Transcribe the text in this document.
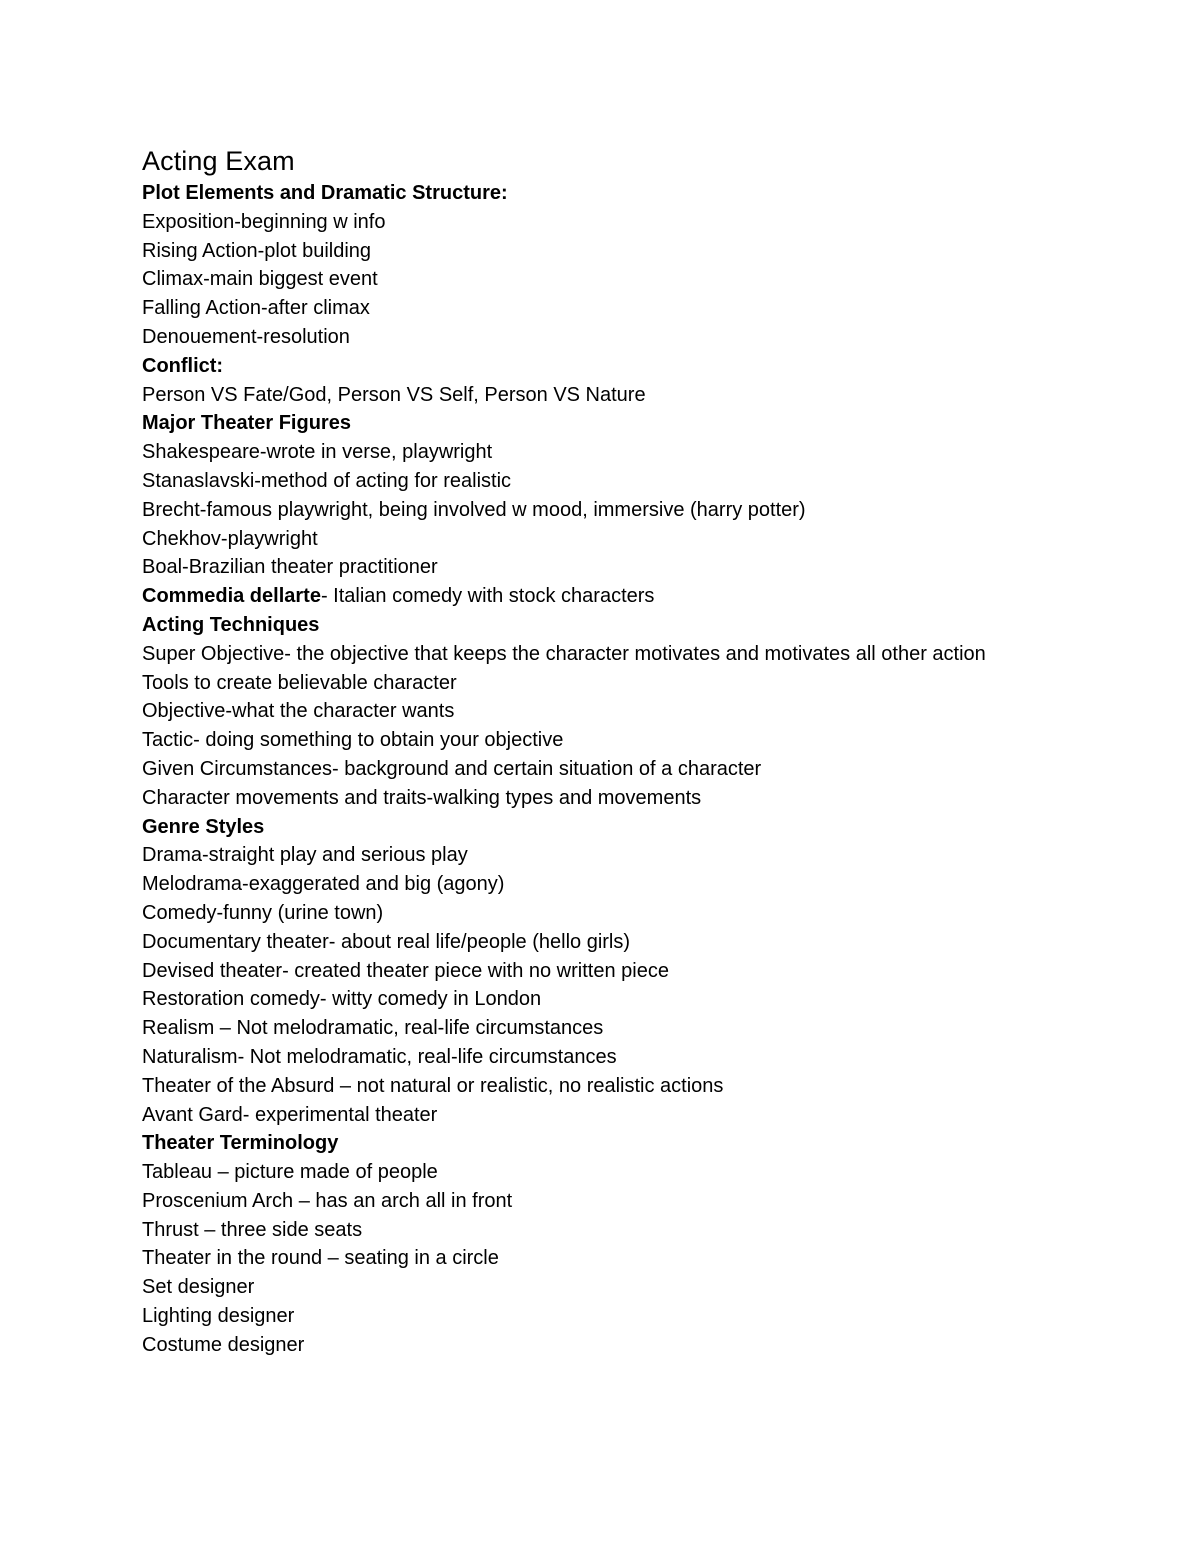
Acting Exam

Plot Elements and Dramatic Structure:

Exposition-beginning w info

Rising Action-plot building

Climax-main biggest event

Falling Action-after climax

Denouement-resolution

Conflict:

Person VS Fate/God, Person VS Self, Person VS Nature

Major Theater Figures

Shakespeare-wrote in verse, playwright

Stanaslavski-method of acting for realistic

Brecht-famous playwright, being involved w mood, immersive (harry potter)

Chekhov-playwright

Boal-Brazilian theater practitioner

Commedia dellarte- Italian comedy with stock characters

Acting Techniques

Super Objective- the objective that keeps the character motivates and motivates all other action

Tools to create believable character

Objective-what the character wants

Tactic- doing something to obtain your objective

Given Circumstances- background and certain situation of a character

Character movements and traits-walking types and movements

Genre Styles

Drama-straight play and serious play

Melodrama-exaggerated and big (agony)

Comedy-funny (urine town)

Documentary theater- about real life/people (hello girls)

Devised theater- created theater piece with no written piece

Restoration comedy- witty comedy in London

Realism – Not melodramatic, real-life circumstances

Naturalism- Not melodramatic, real-life circumstances

Theater of the Absurd – not natural or realistic, no realistic actions

Avant Gard- experimental theater

Theater Terminology

Tableau – picture made of people

Proscenium Arch – has an arch all in front

Thrust – three side seats

Theater in the round – seating in a circle

Set designer

Lighting designer

Costume designer
